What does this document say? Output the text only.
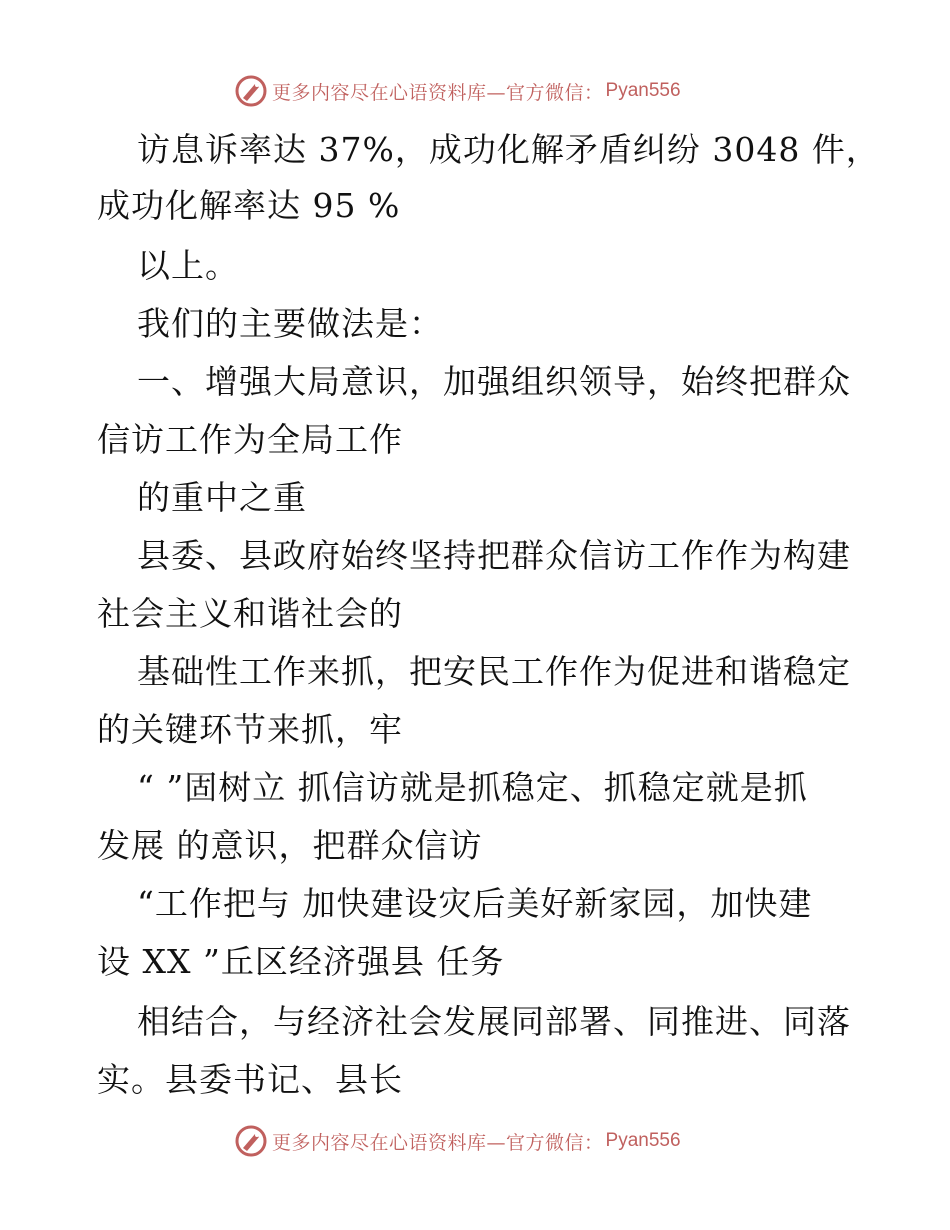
更多内容尽在心语资料库—官方微信： Pyan556
访息诉率达 37%，成功化解矛盾纠纷 3048 件，
成功化解率达 95 %
以上。
我们的主要做法是：
一、增强大局意识，加强组织领导，始终把群众
信访工作为全局工作
的重中之重
县委、县政府始终坚持把群众信访工作作为构建
社会主义和谐社会的
基础性工作来抓，把安民工作作为促进和谐稳定
的关键环节来抓，牢
“ ”固树立 抓信访就是抓稳定、抓稳定就是抓
发展 的意识，把群众信访
“工作把与 加快建设灾后美好新家园，加快建
设 XX ”丘区经济强县 任务
相结合，与经济社会发展同部署、同推进、同落
实。县委书记、县长
更多内容尽在心语资料库—官方微信： Pyan556
